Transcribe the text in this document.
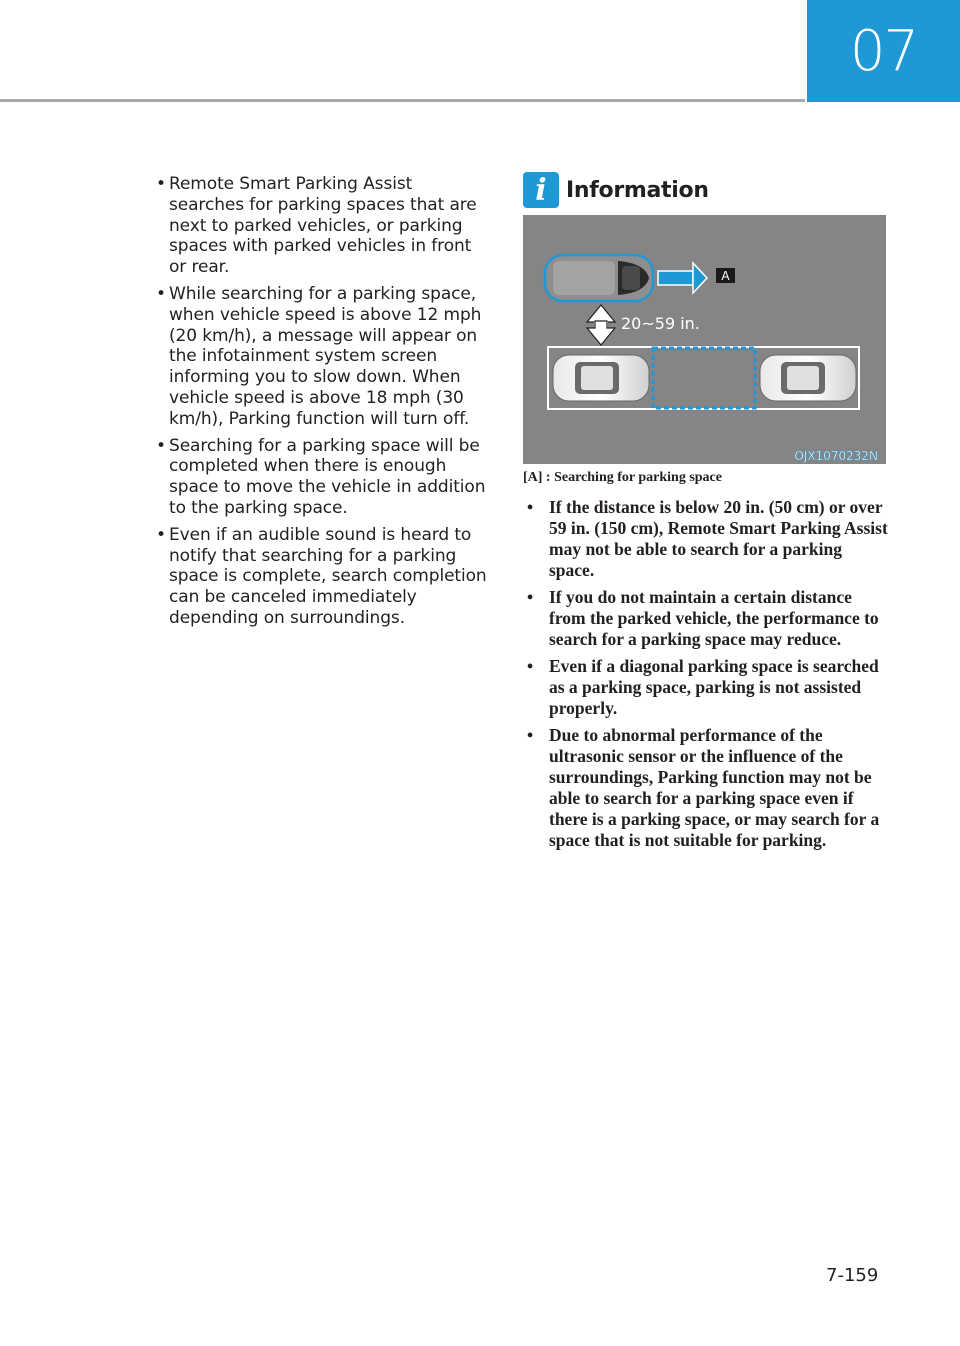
07
• Remote Smart Parking Assist searches for parking spaces that are next to parked vehicles, or parking spaces with parked vehicles in front or rear.
• While searching for a parking space, when vehicle speed is above 12 mph (20 km/h), a message will appear on the infotainment system screen informing you to slow down. When vehicle speed is above 18 mph (30 km/h), Parking function will turn off.
• Searching for a parking space will be completed when there is enough space to move the vehicle in addition to the parking space.
• Even if an audible sound is heard to notify that searching for a parking space is complete, search completion can be canceled immediately depending on surroundings.
i Information
A
20~59 in.
OJX1070232N
[A] : Searching for parking space
• If the distance is below 20 in. (50 cm) or over 59 in. (150 cm), Remote Smart Parking Assist may not be able to search for a parking space.
• If you do not maintain a certain distance from the parked vehicle, the performance to search for a parking space may reduce.
• Even if a diagonal parking space is searched as a parking space, parking is not assisted properly.
• Due to abnormal performance of the ultrasonic sensor or the influence of the surroundings, Parking function may not be able to search for a parking space even if there is a parking space, or may search for a space that is not suitable for parking.
7-159
